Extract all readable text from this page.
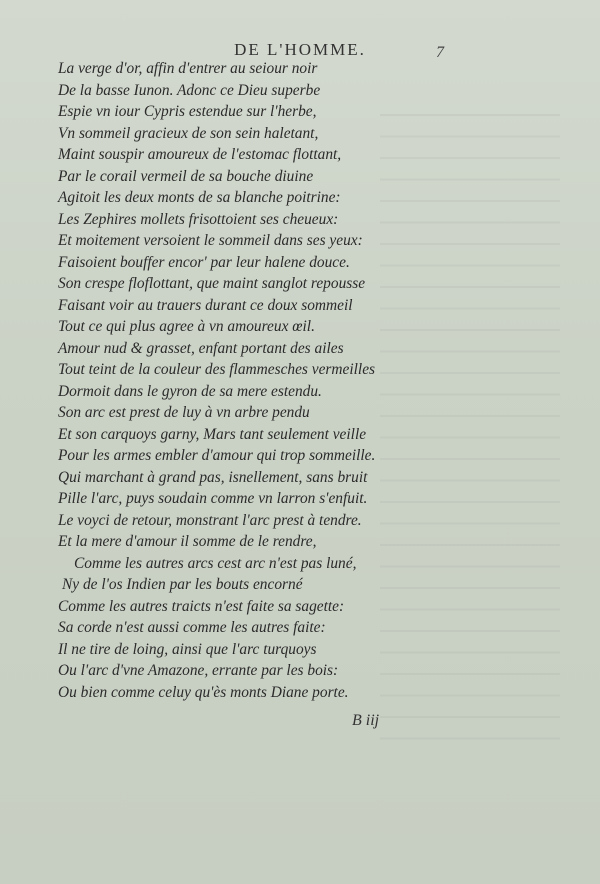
DE L'HOMME.	7
La verge d'or, affin d'entrer au seiour noir
De la basse Iunon. Adonc ce Dieu superbe
Espie vn iour Cypris estendue sur l'herbe,
Vn sommeil gracieux de son sein haletant,
Maint souspir amoureux de l'estomac flottant,
Par le corail vermeil de sa bouche diuine
Agitoit les deux monts de sa blanche poitrine:
Les Zephires mollets frisottoient ses cheueux:
Et moitement versoient le sommeil dans ses yeux:
Faisoient bouffer encor' par leur halene douce.
Son crespe floflottant, que maint sanglot repousse
Faisant voir au trauers durant ce doux sommeil
Tout ce qui plus agree à vn amoureux œil.
Amour nud & grasset, enfant portant des ailes
Tout teint de la couleur des flammesches vermeilles
Dormoit dans le gyron de sa mere estendu.
Son arc est prest de luy à vn arbre pendu
Et son carquoys garny, Mars tant seulement veille
Pour les armes embler d'amour qui trop sommeille.
Qui marchant à grand pas, isnellement, sans bruit
Pille l'arc, puys soudain comme vn larron s'enfuit.
Le voyci de retour, monstrant l'arc prest à tendre.
Et la mere d'amour il somme de le rendre,
Comme les autres arcs cest arc n'est pas luné,
Ny de l'os Indien par les bouts encorné
Comme les autres traicts n'est faite sa sagette:
Sa corde n'est aussi comme les autres faite:
Il ne tire de loing, ainsi que l'arc turquoys
Ou l'arc d'vne Amazone, errante par les bois:
Ou bien comme celuy qu'ès monts Diane porte.
B iij
